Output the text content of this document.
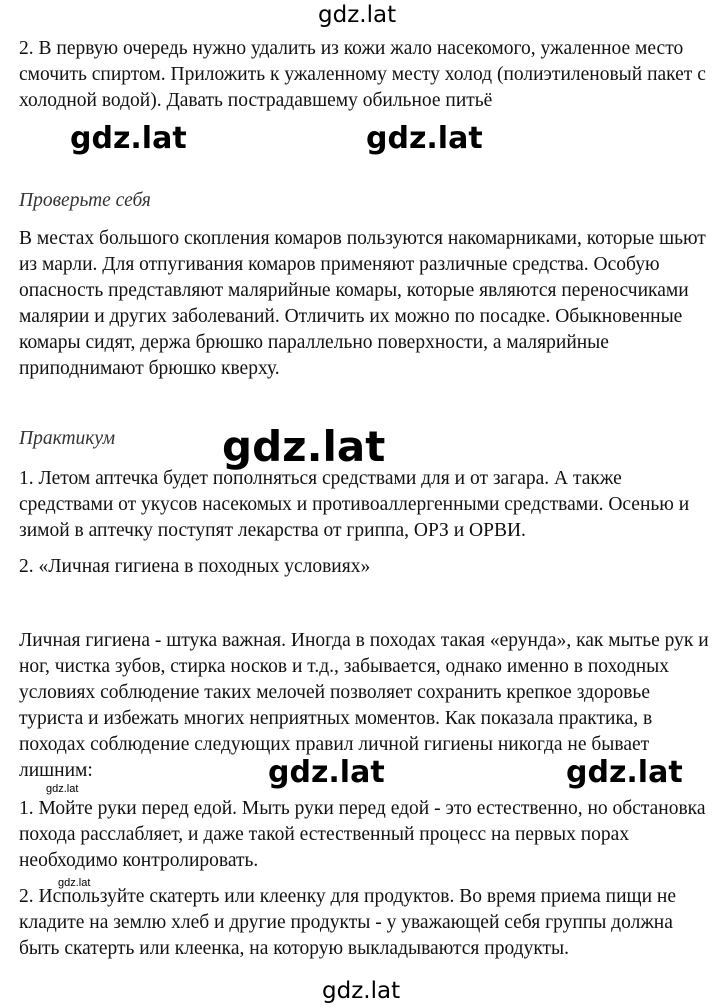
gdz.lat

2. В первую очередь нужно удалить из кожи жало насекомого, ужаленное место смочить спиртом. Приложить к ужаленному месту холод (полиэтиленовый пакет с холодной водой). Давать пострадавшему обильное питьё

gdz.lat	gdz.lat

Проверьте себя

В местах большого скопления комаров пользуются накомарниками, которые шьют из марли. Для отпугивания комаров применяют различные средства. Особую опасность представляют малярийные комары, которые являются переносчиками малярии и других заболеваний. Отличить их можно по посадке. Обыкновенные комары сидят, держа брюшко параллельно поверхности, а малярийные приподнимают брюшко кверху.

Практикум	gdz.lat

1. Летом аптечка будет пополняться средствами для и от загара. А также средствами от укусов насекомых и противоаллергенными средствами. Осенью и зимой в аптечку поступят лекарства от гриппа, ОРЗ и ОРВИ.

2. «Личная гигиена в походных условиях»

Личная гигиена - штука важная. Иногда в походах такая «ерунда», как мытье рук и ног, чистка зубов, стирка носков и т.д., забывается, однако именно в походных условиях соблюдение таких мелочей позволяет сохранить крепкое здоровье туриста и избежать многих неприятных моментов. Как показала практика, в походах соблюдение следующих правил личной гигиены никогда не бывает лишним:	gdz.lat	gdz.lat
gdz.lat

1. Мойте руки перед едой. Мыть руки перед едой - это естественно, но обстановка похода расслабляет, и даже такой естественный процесс на первых порах необходимо контролировать.

gdz.lat

2. Используйте скатерть или клеенку для продуктов. Во время приема пищи не кладите на землю хлеб и другие продукты - у уважающей себя группы должна быть скатерть или клеенка, на которую выкладываются продукты.

gdz.lat
